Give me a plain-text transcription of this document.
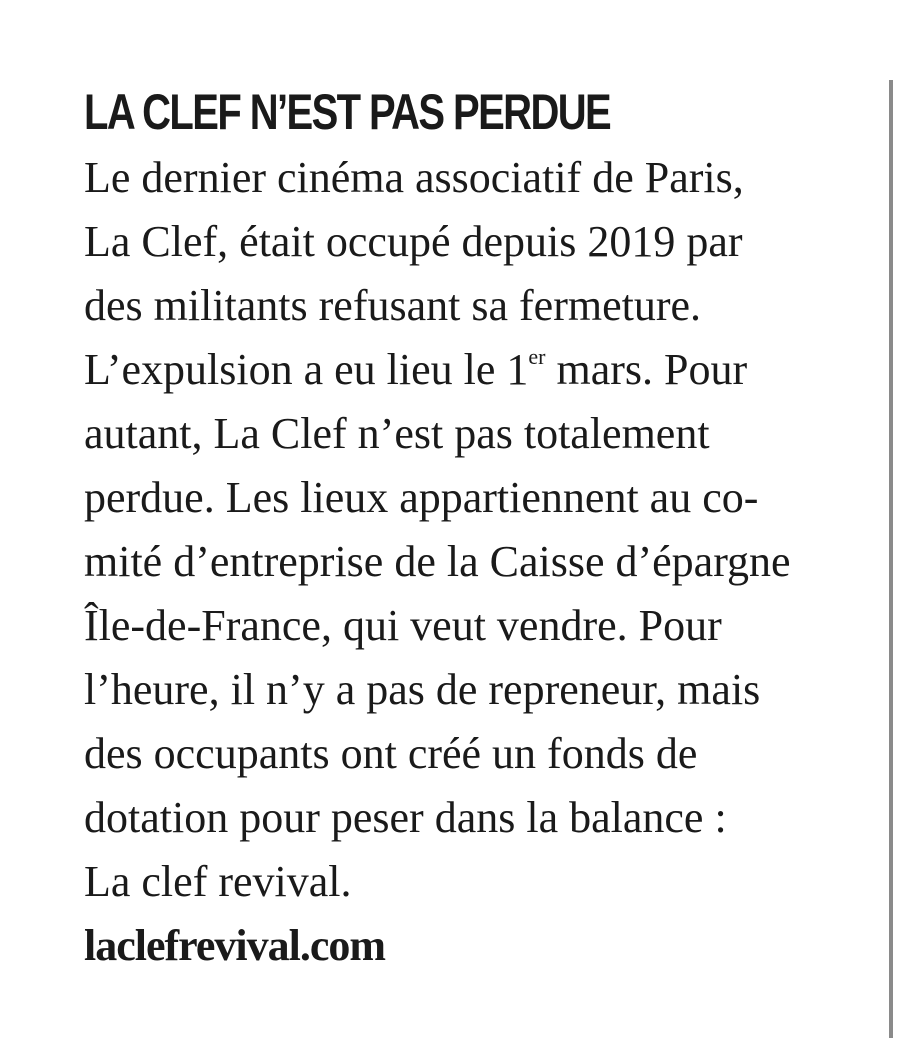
LA CLEF N’EST PAS PERDUE
Le dernier cinéma associatif de Paris,
La Clef, était occupé depuis 2019 par
des militants refusant sa fermeture.
L’expulsion a eu lieu le 1er mars. Pour
autant, La Clef n’est pas totalement
perdue. Les lieux appartiennent au co-
mité d’entreprise de la Caisse d’épargne
Île-de-France, qui veut vendre. Pour
l’heure, il n’y a pas de repreneur, mais
des occupants ont créé un fonds de
dotation pour peser dans la balance :
La clef revival.
laclefrevival.com
